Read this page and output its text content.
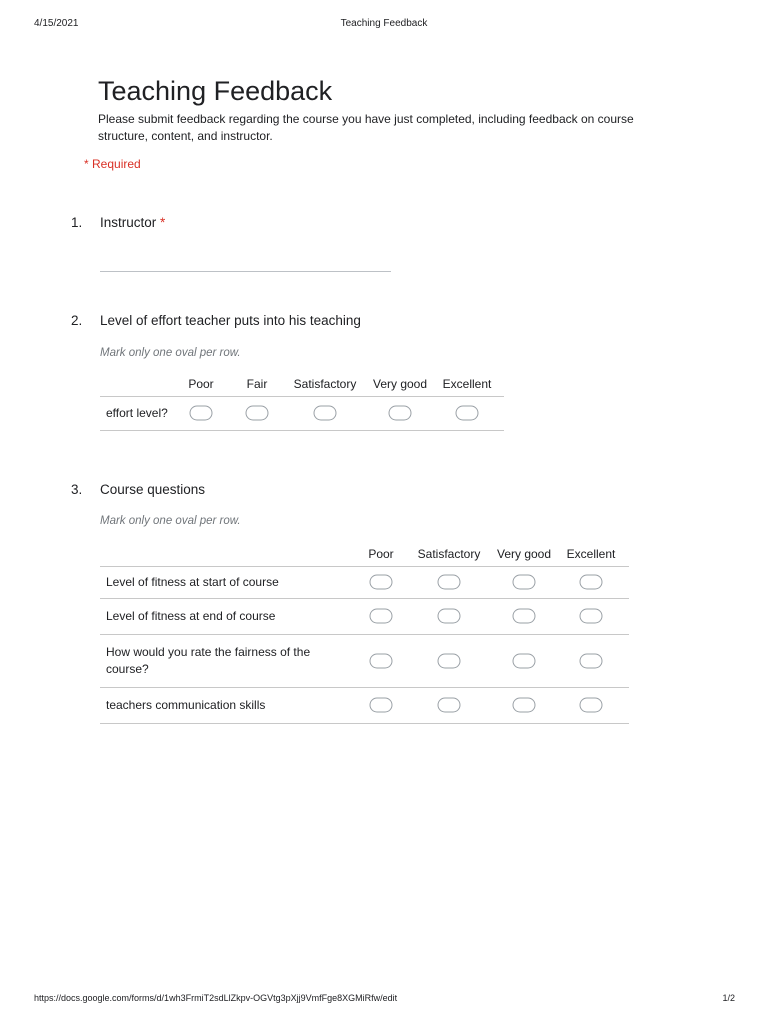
4/15/2021	Teaching Feedback
Teaching Feedback

Please submit feedback regarding the course you have just completed, including feedback on course structure, content, and instructor.

* Required
1. Instructor *
2. Level of effort teacher puts into his teaching
Mark only one oval per row.
Poor	Fair Satisfactory Very good Excellent
effort level?
3. Course questions
Mark only one oval per row.
Poor Satisfactory Very good Excellent
Level of fitness at start of course
Level of fitness at end of course
How would you rate the fairness of the course?
teachers communication skills
https://docs.google.com/forms/d/1wh3FrmiT2sdLlZkpv-OGVtg3pXjj9VmfFge8XGMiRfw/edit	1/2
